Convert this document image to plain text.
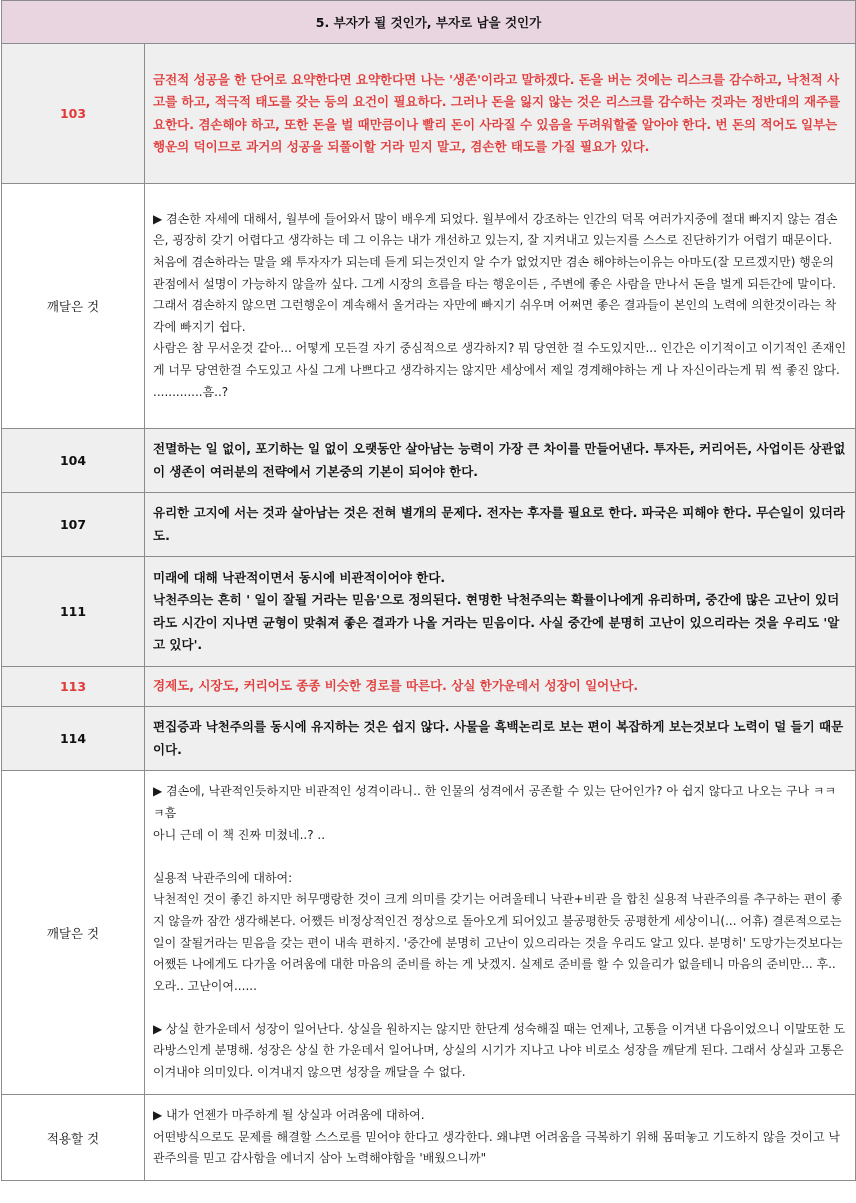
5. 부자가 될 것인가, 부자로 남을 것인가	
103	금전적 성공을 한 단어로 요약한다면 요약한다면 나는 '생존'이라고 말하겠다. 돈을 버는 것에는 리스크를 감수하고, 낙천적 사고를 하고, 적극적 태도를 갖는 등의 요건이 필요하다. 그러나 돈을 잃지 않는 것은 리스크를 감수하는 것과는 정반대의 재주를 요한다. 겸손해야 하고, 또한 돈을 벌 때만큼이나 빨리 돈이 사라질 수 있음을 두려워할줄 알아야 한다. 번 돈의 적어도 일부는 행운의 덕이므로 과거의 성공을 되풀이할 거라 믿지 말고, 겸손한 태도를 가질 필요가 있다.
깨달은 것	▶ 겸손한 자세에 대해서, 월부에 들어와서 많이 배우게 되었다. 월부에서 강조하는 인간의 덕목 여러가지중에 절대 빠지지 않는 겸손은, 굉장히 갖기 어렵다고 생각하는 데 그 이유는 내가 개선하고 있는지, 잘 지켜내고 있는지를 스스로 진단하기가 어렵기 때문이다. 처음에 겸손하라는 말을 왜 투자자가 되는데 듣게 되는것인지 알 수가 없었지만 겸손 해야하는이유는 아마도(잘 모르겠지만) 행운의 관점에서 설명이 가능하지 않을까 싶다. 그게 시장의 흐름을 타는 행운이든 , 주변에 좋은 사람을 만나서 돈을 벌게 되든간에 말이다. 그래서 겸손하지 않으면 그런행운이 계속해서 올거라는 자만에 빠지기 쉬우며 어쩌면 좋은 결과들이 본인의 노력에 의한것이라는 착각에 빠지기 쉽다.

사람은 참 무서운것 같아... 어떻게 모든걸 자기 중심적으로 생각하지? 뭐 당연한 걸 수도있지만... 인간은 이기적이고 이기적인 존재인게 너무 당연한걸 수도있고 사실 그게 나쁘다고 생각하지는 않지만 세상에서 제일 경계해야하는 게 나 자신이라는게 뭐 썩 좋진 않다. .............흠..?

104	전멸하는 일 없이, 포기하는 일 없이 오랫동안 살아남는 능력이 가장 큰 차이를 만들어낸다. 투자든, 커리어든, 사업이든 상관없이 생존이 여러분의 전략에서 기본중의 기본이 되어야 한다.
107	유리한 고지에 서는 것과 살아남는 것은 전혀 별개의 문제다. 전자는 후자를 필요로 한다. 파국은 피해야 한다. 무슨일이 있더라도.
111	미래에 대해 낙관적이면서 동시에 비관적이어야 한다.
낙천주의는 흔히 ' 일이 잘될 거라는 믿음'으로 정의된다. 현명한 낙천주의는 확률이나에게 유리하며, 중간에 많은 고난이 있더라도 시간이 지나면 균형이 맞춰져 좋은 결과가 나올 거라는 믿음이다. 사실 중간에 분명히 고난이 있으리라는 것을 우리도 '알고 있다'.

113	경제도, 시장도, 커리어도 종종 비슷한 경로를 따른다. 상실 한가운데서 성장이 일어난다.
114	편집증과 낙천주의를 동시에 유지하는 것은 쉽지 않다. 사물을 흑백논리로 보는 편이 복잡하게 보는것보다 노력이 덜 들기 때문이다.
깨달은 것	▶ 겸손에, 낙관적인듯하지만 비관적인 성격이라니.. 한 인물의 성격에서 공존할 수 있는 단어인가? 아 쉽지 않다고 나오는 구나 ㅋㅋㅋ흠

아니 근데 이 책 진짜 미쳤네..? ..

실용적 낙관주의에 대하여:

낙천적인 것이 좋긴 하지만 허무맹랑한 것이 크게 의미를 갖기는 어려울테니 낙관+비관 을 합친 실용적 낙관주의를 추구하는 편이 좋지 않을까 잠깐 생각해본다. 어쨌든 비정상적인건 정상으로 돌아오게 되어있고 불공평한듯 공평한게 세상이니(... 어휴) 결론적으로는 일이 잘될거라는 믿음을 갖는 편이 내속 편하지. '중간에 분명히 고난이 있으리라는 것을 우리도 알고 있다. 분명히' 도망가는것보다는 어쨌든 나에게도 다가올 어려움에 대한 마음의 준비를 하는 게 낫겠지. 실제로 준비를 할 수 있을리가 없을테니 마음의 준비만... 후.. 오라.. 고난이여......

▶ 상실 한가운데서 성장이 일어난다. 상실을 원하지는 않지만 한단계 성숙해질 때는 언제나, 고통을 이겨낸 다음이었으니 이말또한 도라방스인게 분명해. 성장은 상실 한 가운데서 일어나며, 상실의 시기가 지나고 나야 비로소 성장을 깨닫게 된다. 그래서 상실과 고통은 이겨내야 의미있다. 이겨내지 않으면 성장을 깨달을 수 없다.

적용할 것	▶ 내가 언젠가 마주하게 될 상실과 어려움에 대하여.

어떤방식으로도 문제를 해결할 스스로를 믿어야 한다고 생각한다. 왜냐면 어려움을 극복하기 위해 몸떠놓고 기도하지 않을 것이고 낙관주의를 믿고 감사함을 에너지 삼아 노력해야함을 '배웠으니까"
